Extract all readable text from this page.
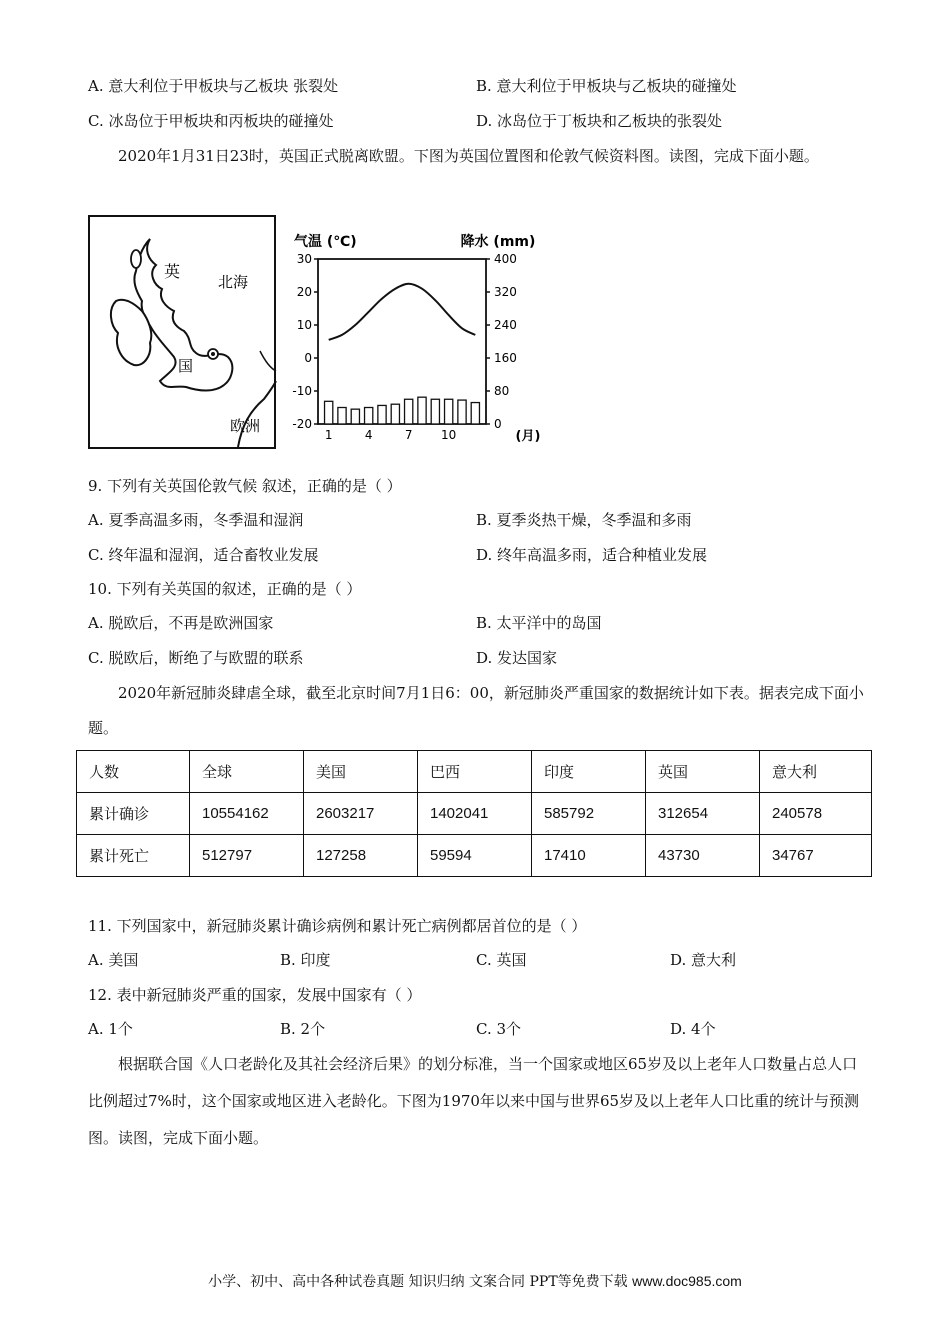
A. 意大利位于甲板块与乙板块 张裂处	B. 意大利位于甲板块与乙板块的碰撞处
C. 冰岛位于甲板块和丙板块的碰撞处	D. 冰岛位于丁板块和乙板块的张裂处
2020年1月31日23时，英国正式脱离欧盟。下图为英国位置图和伦敦气候资料图。读图，完成下面小题。
英
国
北海
欧洲
气温 (℃)	降水 (mm)
30
20
10
0
-10
-20
400
320
240
160
80
0
1	4	7 10	(月)
9. 下列有关英国伦敦气候 叙述，正确的是（ ）
A. 夏季高温多雨，冬季温和湿润	B. 夏季炎热干燥，冬季温和多雨
C. 终年温和湿润，适合畜牧业发展	D. 终年高温多雨，适合种植业发展
10. 下列有关英国的叙述，正确的是（ ）
A. 脱欧后，不再是欧洲国家	B. 太平洋中的岛国
C. 脱欧后，断绝了与欧盟的联系	D. 发达国家
2020年新冠肺炎肆虐全球，截至北京时间7月1日6：00，新冠肺炎严重国家的数据统计如下表。据表完成下面小题。
人数	全球	美国	巴西	印度	英国	意大利
累计确诊	10554162	2603217	1402041	585792	312654	240578
累计死亡	512797	127258	59594	17410	43730	34767
11. 下列国家中，新冠肺炎累计确诊病例和累计死亡病例都居首位的是（ ）
A. 美国	B. 印度	C. 英国	D. 意大利
12. 表中新冠肺炎严重的国家，发展中国家有（ ）
A. 1个	B. 2个	C. 3个	D. 4个
根据联合国《人口老龄化及其社会经济后果》的划分标准，当一个国家或地区65岁及以上老年人口数量占总人口比例超过7%时，这个国家或地区进入老龄化。下图为1970年以来中国与世界65岁及以上老年人口比重的统计与预测图。读图，完成下面小题。
小学、初中、高中各种试卷真题 知识归纳 文案合同 PPT等免费下载 www.doc985.com
